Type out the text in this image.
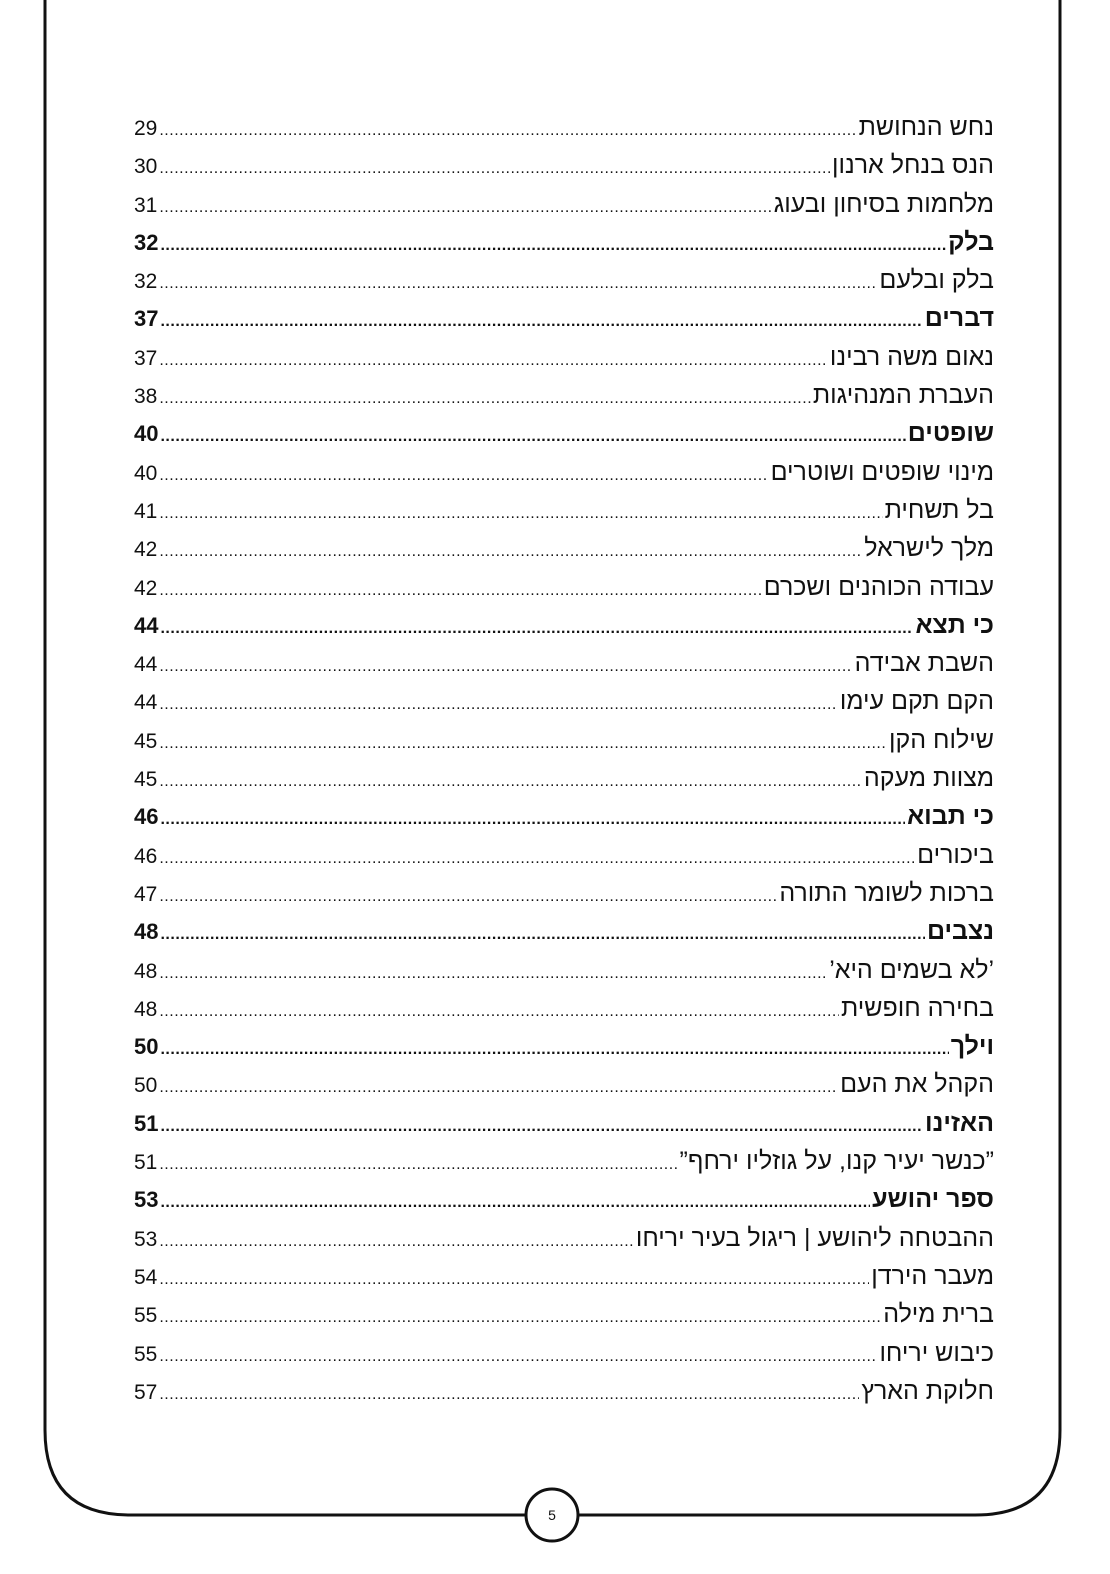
29 .....	נחש הנחושת
30 .....	הנס בנחל ארנון
31 .....	מלחמות בסיחון ובעוג
32 .....	בלק
32 .....	בלק ובלעם
37 .....	דברים
37 .....	נאום משה רבינו
38 .....	העברת המנהיגות
40 .....	שופטים
40 .....	מינוי שופטים ושוטרים
41 .....	בל תשחית
42 .....	מלך לישראל
42 .....	עבודה הכוהנים ושכרם
44 .....	כי תצא
44 .....	השבת אבידה
44 .....	הקם תקם עימו
45 .....	שילוח הקן
45 .....	מצוות מעקה
46 .....	כי תבוא
46 .....	ביכורים
47 .....	ברכות לשומר התורה
48 .....	נצבים
48 .....	’לא בשמים היא’
48 .....	בחירה חופשית
50 .....	וילך
50 .....	הקהל את העם
51 .....	האזינו
51 .....	”כנשר יעיר קנו, על גוזליו ירחף”
53 .....	ספר יהושע
53 .....	ההבטחה ליהושע | ריגול בעיר יריחו
54 .....	מעבר הירדן
55 .....	ברית מילה
55 .....	כיבוש יריחו
57 .....	חלוקת הארץ
5
